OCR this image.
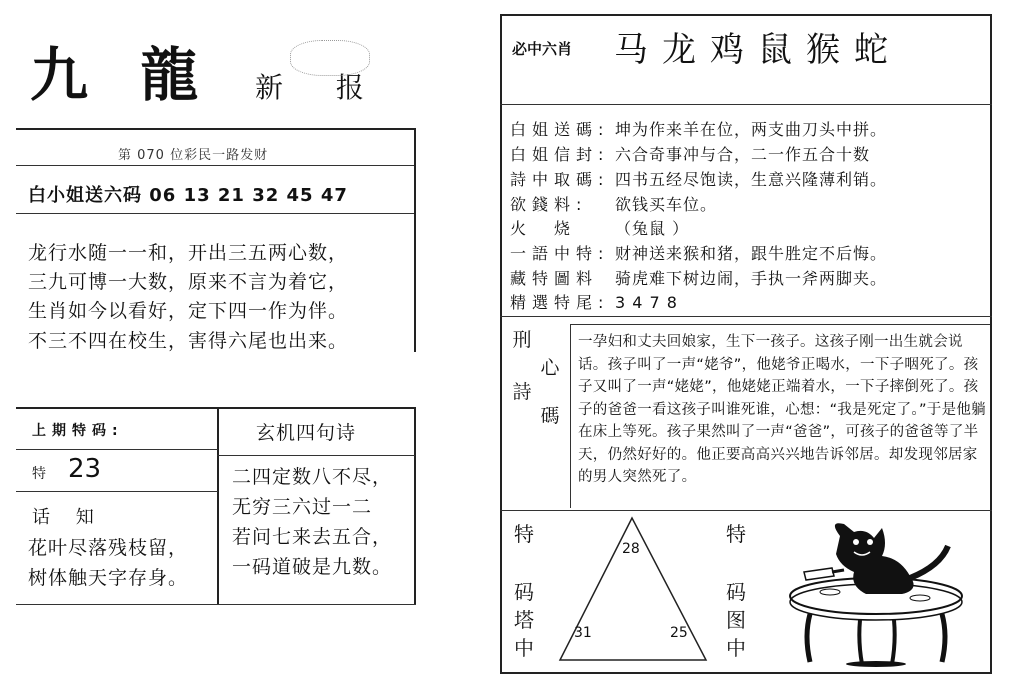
九 龍 新 报
第 070 位彩民一路发财
白小姐送六码 06 13 21 32 45 47
龙行水随一一和，开出三五两心数，
三九可博一大数，原来不言为着它，
生肖如今以看好，定下四一作为伴。
不三不四在校生，害得六尾也出来。
上期特码:
特 23
话 知
花叶尽落残枝留，
树体触天字存身。
玄机四句诗
二四定数八不尽，
无穷三六过一二
若问七来去五合，
一码道破是九数。
必中六肖 马龙鸡鼠猴蛇
白姐送碼: 坤为作来羊在位，两支曲刀头中拼。
白姐信封: 六合奇事冲与合，二一作五合十数
詩中取碼: 四书五经尽饱读，生意兴隆薄利销。
欲錢料: 欲钱买车位。
火　烧 （兔鼠 ）
一語中特: 财神送来猴和猪，跟牛胜定不后悔。
藏特圖料 骑虎难下树边闹，手执一斧两脚夹。
精選特尾: 3 4 7 8
刑
心
詩
碼
一孕妇和丈夫回娘家，生下一孩子。这孩子刚一出生就会说话。孩子叫了一声“姥爷”，他姥爷正喝水，一下子咽死了。孩子又叫了一声“姥姥”，他姥姥正端着水，一下子摔倒死了。孩子的爸爸一看这孩子叫谁死谁，心想：“我是死定了。”于是他躺在床上等死。孩子果然叫了一声“爸爸”，可孩子的爸爸等了半天，仍然好好的。他正要高高兴兴地告诉邻居。却发现邻居家的男人突然死了。
特
码
塔
中
28
31	25
特
码
图
中
